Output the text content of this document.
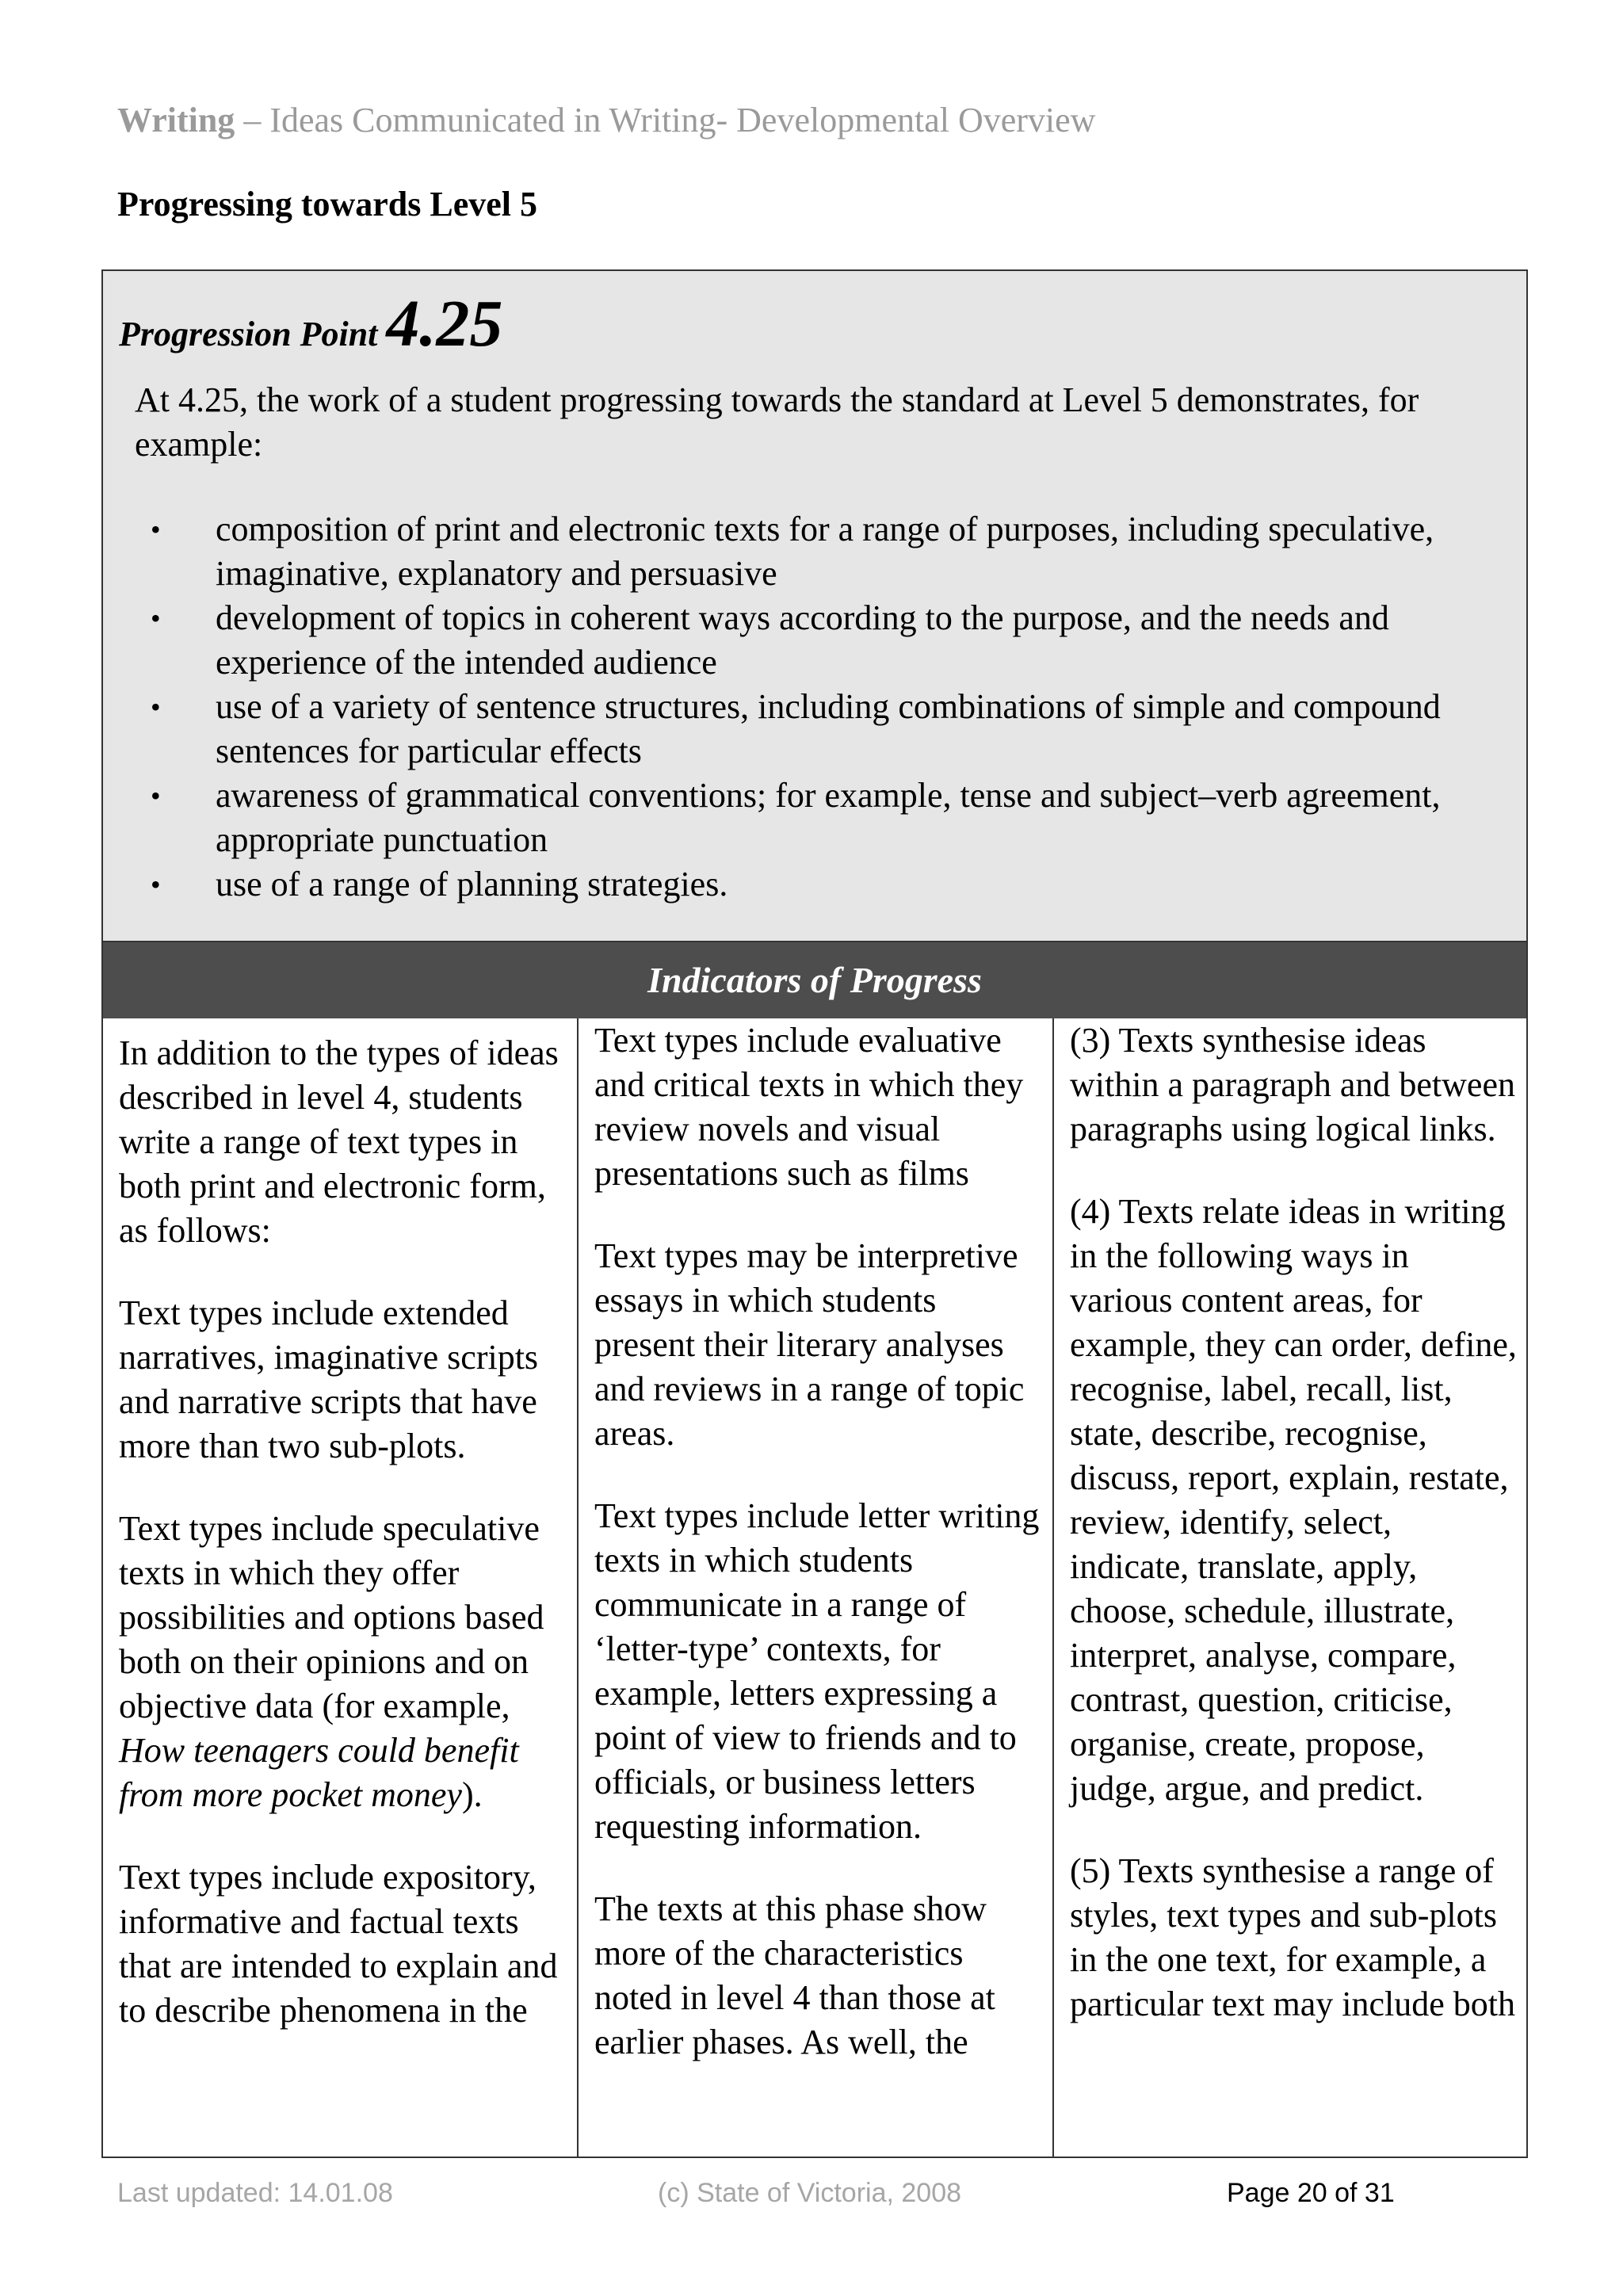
Writing – Ideas Communicated in Writing- Developmental Overview
Progressing towards Level 5
Progression Point 4.25
At 4.25, the work of a student progressing towards the standard at Level 5 demonstrates, for example:
• composition of print and electronic texts for a range of purposes, including speculative, imaginative, explanatory and persuasive
• development of topics in coherent ways according to the purpose, and the needs and experience of the intended audience
• use of a variety of sentence structures, including combinations of simple and compound sentences for particular effects
• awareness of grammatical conventions; for example, tense and subject–verb agreement, appropriate punctuation
• use of a range of planning strategies.
Indicators of Progress

In addition to the types of ideas described in level 4, students write a range of text types in both print and electronic form, as follows:

Text types include extended narratives, imaginative scripts and narrative scripts that have more than two sub-plots.

Text types include speculative texts in which they offer possibilities and options based both on their opinions and on objective data (for example, How teenagers could benefit from more pocket money).

Text types include expository, informative and factual texts that are intended to explain and to describe phenomena in the

Text types include evaluative and critical texts in which they review novels and visual presentations such as films

Text types may be interpretive essays in which students present their literary analyses and reviews in a range of topic areas.

Text types include letter writing texts in which students communicate in a range of ‘letter-type’ contexts, for example, letters expressing a point of view to friends and to officials, or business letters requesting information.

The texts at this phase show more of the characteristics noted in level 4 than those at earlier phases. As well, the

(3) Texts synthesise ideas within a paragraph and between paragraphs using logical links.

(4) Texts relate ideas in writing in the following ways in various content areas, for example, they can order, define, recognise, label, recall, list, state, describe, recognise, discuss, report, explain, restate, review, identify, select, indicate, translate, apply, choose, schedule, illustrate, interpret, analyse, compare, contrast, question, criticise, organise, create, propose, judge, argue, and predict.

(5) Texts synthesise a range of styles, text types and sub-plots in the one text, for example, a particular text may include both

Last updated: 14.01.08	(c) State of Victoria, 2008	Page 20 of 31
